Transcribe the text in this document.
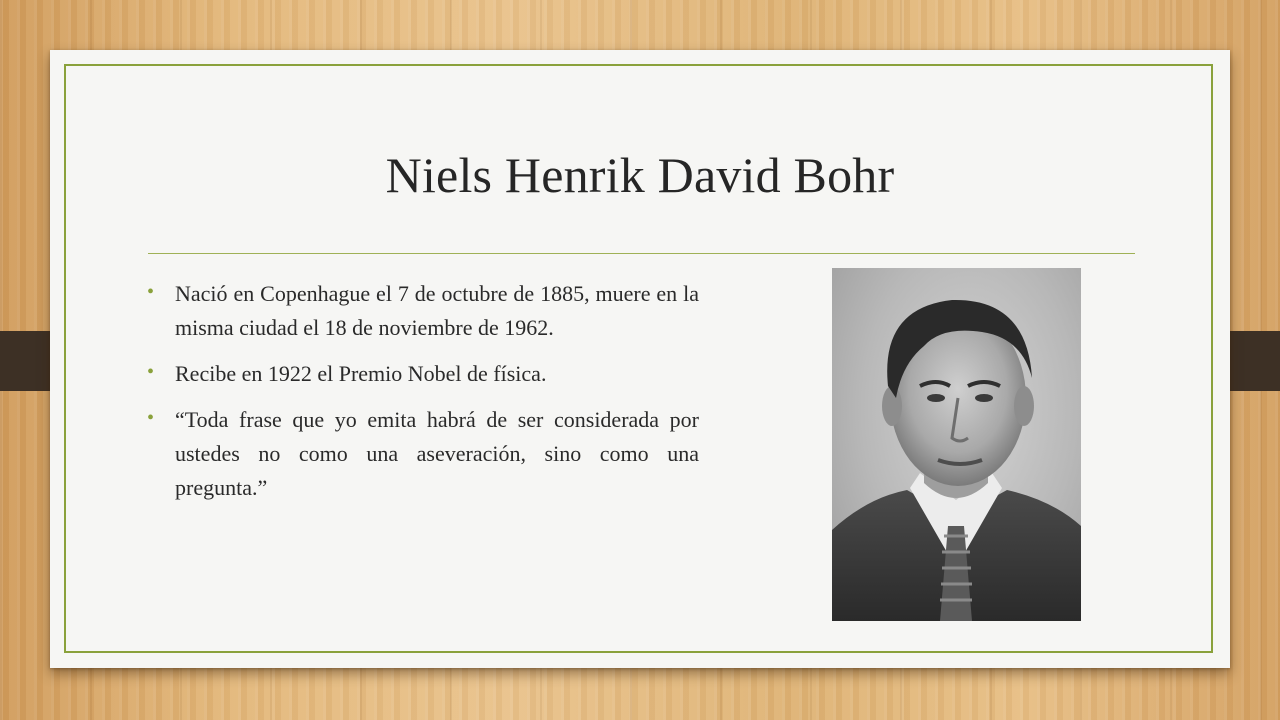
Niels Henrik David Bohr
• Nació en Copenhague el 7 de octubre de 1885, muere en la misma ciudad el 18 de noviembre de 1962.
• Recibe en 1922 el Premio Nobel de física.
• “Toda frase que yo emita habrá de ser considerada por ustedes no como una aseveración, sino como una pregunta.”
